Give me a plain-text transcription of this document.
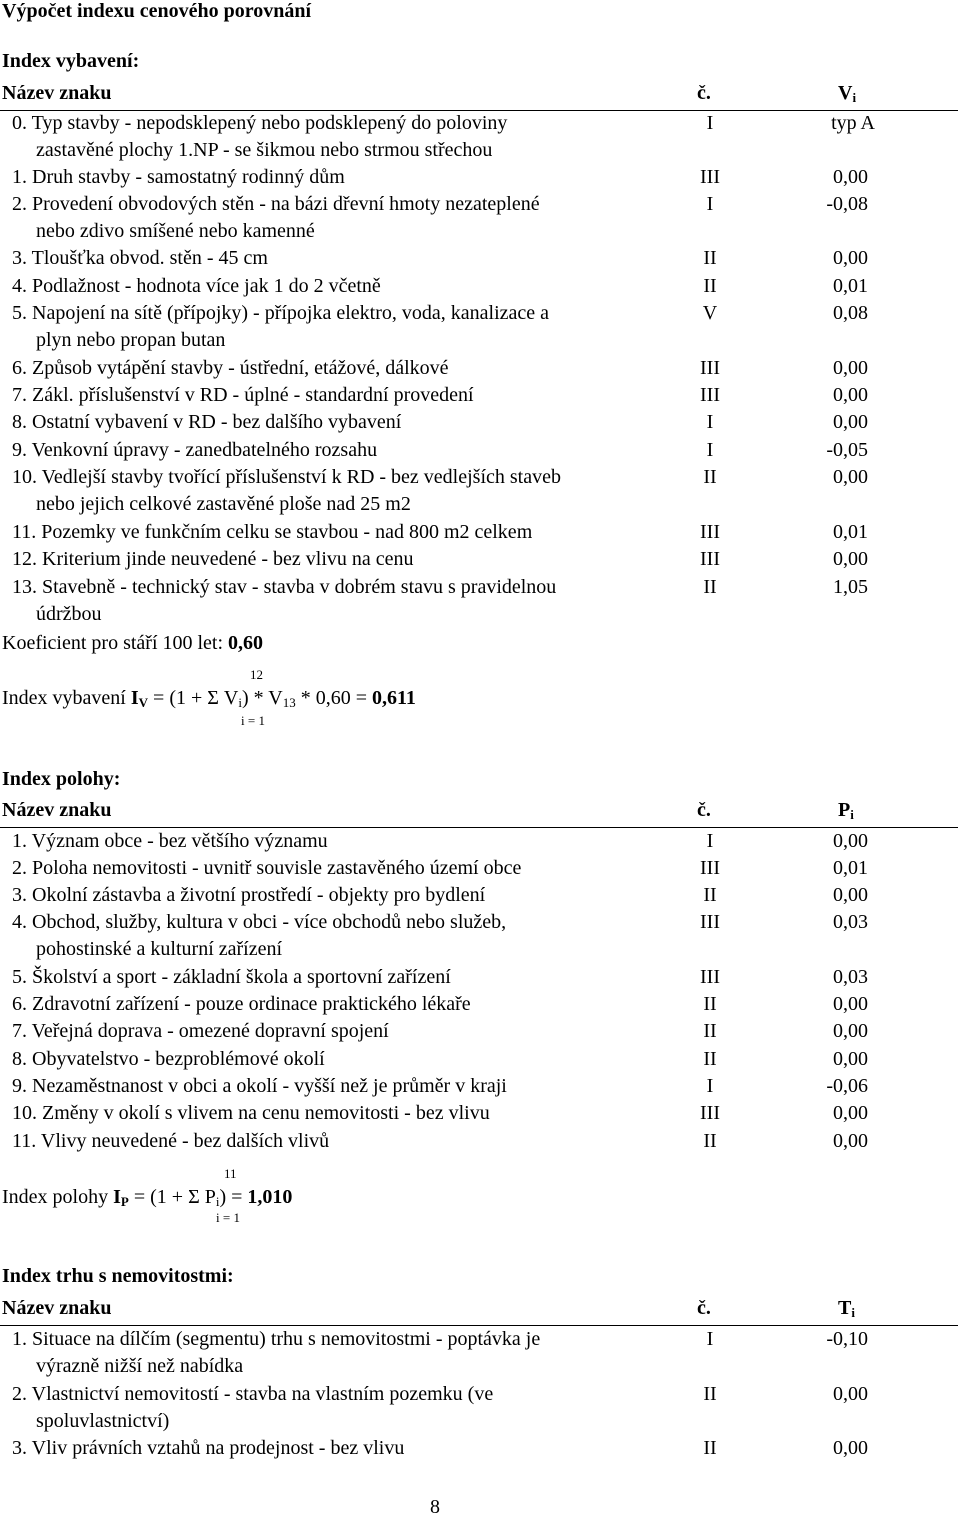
Výpočet indexu cenového porovnání
Index vybavení:
Název znaku	č.	$V_i$
0. Typ stavby - nepodsklepený nebo podsklepený do poloviny	I	typ A
zastavěné plochy 1.NP - se šikmou nebo strmou střechou
1. Druh stavby - samostatný rodinný dům	III	0,00
2. Provedení obvodových stěn - na bázi dřevní hmoty nezateplené	I	-0,08
nebo zdivo smíšené nebo kamenné
3. Tloušťka obvod. stěn - 45 cm	II	0,00
4. Podlažnost - hodnota více jak 1 do 2 včetně	II	0,01
5. Napojení na sítě (přípojky) - přípojka elektro, voda, kanalizace a	V	0,08
plyn nebo propan butan
6. Způsob vytápění stavby - ústřední, etážové, dálkové	III	0,00
7. Zákl. příslušenství v RD - úplné - standardní provedení	III	0,00
8. Ostatní vybavení v RD - bez dalšího vybavení	I	0,00
9. Venkovní úpravy - zanedbatelného rozsahu	I	-0,05
10. Vedlejší stavby tvořící příslušenství k RD - bez vedlejších staveb	II	0,00
nebo jejich celkové zastavěné ploše nad 25 m2
11. Pozemky ve funkčním celku se stavbou - nad 800 m2 celkem	III	0,01
12. Kriterium jinde neuvedené - bez vlivu na cenu	III	0,00
13. Stavebně - technický stav - stavba v dobrém stavu s pravidelnou	II	1,05
údržbou
Koeficient pro stáří 100 let: 0,60
12
Index vybavení $I_V = (1 + \Sigma$ $V_i) * V_{13} * 0,60 = 0,611$
i = 1
Index polohy:
Název znaku	č.	$P_i$
1. Význam obce - bez většího významu	I	0,00
2. Poloha nemovitosti - uvnitř souvisle zastavěného území obce	III	0,01
3. Okolní zástavba a životní prostředí - objekty pro bydlení	II	0,00
4. Obchod, služby, kultura v obci - více obchodů nebo služeb,	III	0,03
pohostinské a kulturní zařízení
5. Školství a sport - základní škola a sportovní zařízení	III	0,03
6. Zdravotní zařízení - pouze ordinace praktického lékaře	II	0,00
7. Veřejná doprava - omezené dopravní spojení	II	0,00
8. Obyvatelstvo - bezproblémové okolí	II	0,00
9. Nezaměstnanost v obci a okolí - vyšší než je průměr v kraji	I	-0,06
10. Změny v okolí s vlivem na cenu nemovitosti - bez vlivu	III	0,00
11. Vlivy neuvedené - bez dalších vlivů	II	0,00
11
Index polohy $I_P = (1 + \Sigma$ $P_i) = 1,010$
i = 1
Index trhu s nemovitostmi:
Název znaku	č.	$T_i$
1. Situace na dílčím (segmentu) trhu s nemovitostmi - poptávka je	I	-0,10
výrazně nižší než nabídka
2. Vlastnictví nemovitostí - stavba na vlastním pozemku (ve	II	0,00
spoluvlastnictví)
3. Vliv právních vztahů na prodejnost - bez vlivu	II	0,00
8
